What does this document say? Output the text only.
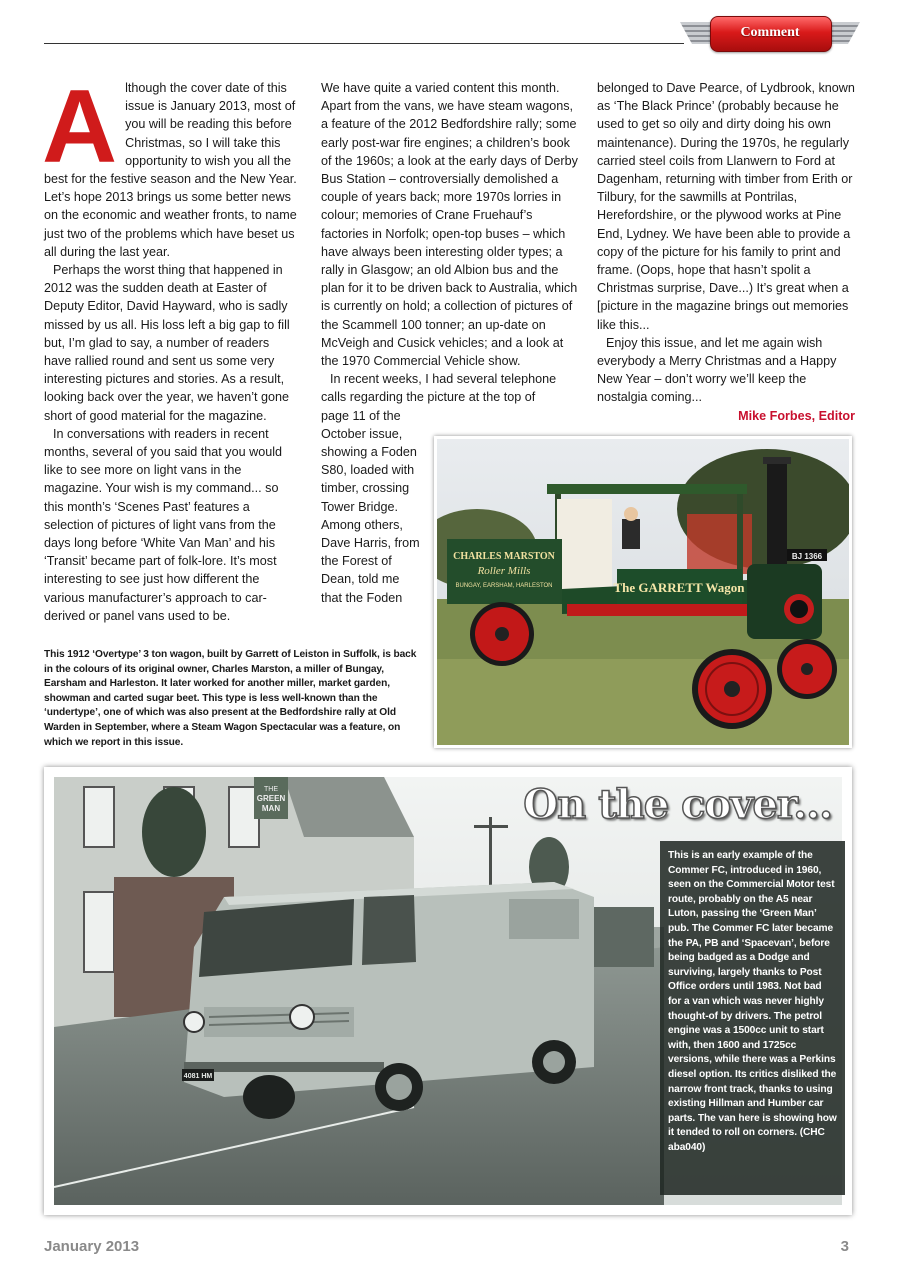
Comment

Although the cover date of this issue is January 2013, most of you will be reading this before Christmas, so I will take this opportunity to wish you all the best for the festive season and the New Year. Let’s hope 2013 brings us some better news on the economic and weather fronts, to name just two of the problems which have beset us all during the last year.

Perhaps the worst thing that happened in 2012 was the sudden death at Easter of Deputy Editor, David Hayward, who is sadly missed by us all. His loss left a big gap to fill but, I’m glad to say, a number of readers have rallied round and sent us some very interesting pictures and stories. As a result, looking back over the year, we haven’t gone short of good material for the magazine.

In conversations with readers in recent months, several of you said that you would like to see more on light vans in the magazine. Your wish is my command... so this month’s ‘Scenes Past’ features a selection of pictures of light vans from the days long before ‘White Van Man’ and his ‘Transit’ became part of folk-lore. It’s most interesting to see just how different the various manufacturer’s approach to car-derived or panel vans used to be.

We have quite a varied content this month. Apart from the vans, we have steam wagons, a feature of the 2012 Bedfordshire rally; some early post-war fire engines; a children’s book of the 1960s; a look at the early days of Derby Bus Station – controversially demolished a couple of years back; more 1970s lorries in colour; memories of Crane Fruehauf’s factories in Norfolk; open-top buses – which have always been interesting older types; a rally in Glasgow; an old Albion bus and the plan for it to be driven back to Australia, which is currently on hold; a collection of pictures of the Scammell 100 tonner; an up-date on McVeigh and Cusick vehicles; and a look at the 1970 Commercial Vehicle show.

In recent weeks, I had several telephone calls regarding the picture at the top of

page 11 of the October issue, showing a Foden S80, loaded with timber, crossing Tower Bridge. Among others, Dave Harris, from the Forest of Dean, told me that the Foden

belonged to Dave Pearce, of Lydbrook, known as ‘The Black Prince’ (probably because he used to get so oily and dirty doing his own maintenance). During the 1970s, he regularly carried steel coils from Llanwern to Ford at Dagenham, returning with timber from Erith or Tilbury, for the sawmills at Pontrilas, Herefordshire, or the plywood works at Pine End, Lydney. We have been able to provide a copy of the picture for his family to print and frame. (Oops, hope that hasn’t spolit a Christmas surprise, Dave...) It’s great when a [picture in the magazine brings out memories like this...

Enjoy this issue, and let me again wish everybody a Merry Christmas and a Happy New Year – don’t worry we’ll keep the nostalgia coming...

Mike Forbes, Editor

CHARLES MARSTON
Roller Mills
BUNGAY, EARSHAM, HARLESTON	The GARRETT Wagon
BJ 1366
This 1912 ‘Overtype’ 3 ton wagon, built by Garrett of Leiston in Suffolk, is back in the colours of its original owner, Charles Marston, a miller of Bungay, Earsham and Harleston. It later worked for another miller, market garden, showman and carted sugar beet. This type is less well-known than the ‘undertype’, one of which was also present at the Bedfordshire rally at Old Warden in September, where a Steam Wagon Spectacular was a feature, on which we report in this issue.
THE
GREEN
MAN
4081 HM
On the cover...
This is an early example of the Commer FC, introduced in 1960, seen on the Commercial Motor test route, probably on the A5 near Luton, passing the ‘Green Man’ pub. The Commer FC later became the PA, PB and ‘Spacevan’, before being badged as a Dodge and surviving, largely thanks to Post Office orders until 1983. Not bad for a van which was never highly thought-of by drivers. The petrol engine was a 1500cc unit to start with, then 1600 and 1725cc versions, while there was a Perkins diesel option. Its critics disliked the narrow front track, thanks to using existing Hillman and Humber car parts. The van here is showing how it tended to roll on corners. (CHC aba040)
January 2013	3
